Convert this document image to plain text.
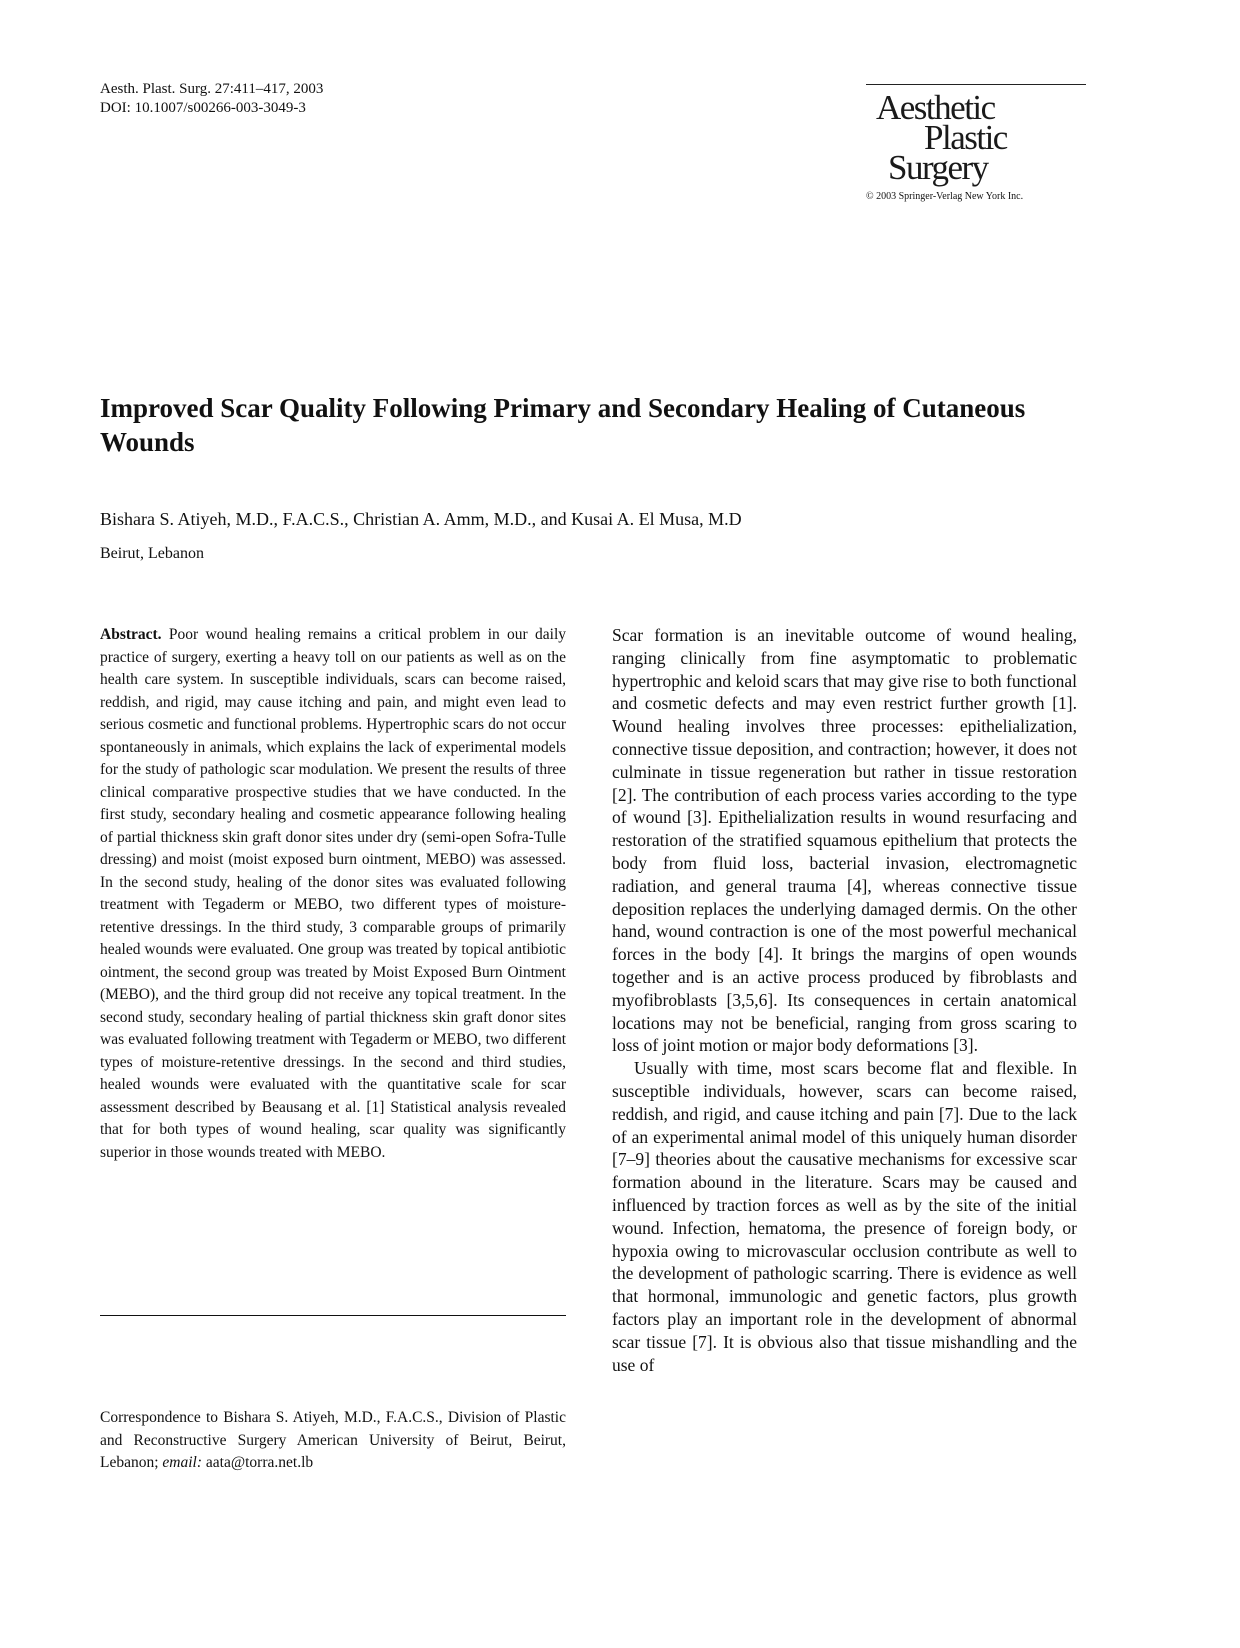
Aesth. Plast. Surg. 27:411–417, 2003
DOI: 10.1007/s00266-003-3049-3	Aesthetic
Plastic
Surgery
© 2003 Springer-Verlag New York Inc.
Improved Scar Quality Following Primary and Secondary Healing of Cutaneous Wounds

Bishara S. Atiyeh, M.D., F.A.C.S., Christian A. Amm, M.D., and Kusai A. El Musa, M.D

Beirut, Lebanon

Abstract. Poor wound healing remains a critical problem in our daily practice of surgery, exerting a heavy toll on our patients as well as on the health care system. In susceptible individuals, scars can become raised, reddish, and rigid, may cause itching and pain, and might even lead to serious cosmetic and functional problems. Hypertrophic scars do not occur spontaneously in animals, which explains the lack of experimental models for the study of pathologic scar modulation. We present the results of three clinical comparative prospective studies that we have conducted. In the first study, secondary healing and cosmetic appearance following healing of partial thickness skin graft donor sites under dry (semi-open Sofra-Tulle dressing) and moist (moist exposed burn ointment, MEBO) was assessed. In the second study, healing of the donor sites was evaluated following treatment with Tegaderm or MEBO, two different types of moisture-retentive dressings. In the third study, 3 comparable groups of primarily healed wounds were evaluated. One group was treated by topical antibiotic ointment, the second group was treated by Moist Exposed Burn Ointment (MEBO), and the third group did not receive any topical treatment. In the second study, secondary healing of partial thickness skin graft donor sites was evaluated following treatment with Tegaderm or MEBO, two different types of moisture-retentive dressings. In the second and third studies, healed wounds were evaluated with the quantitative scale for scar assessment described by Beausang et al. [1] Statistical analysis revealed that for both types of wound healing, scar quality was significantly superior in those wounds treated with MEBO.

Correspondence to Bishara S. Atiyeh, M.D., F.A.C.S., Division of Plastic and Reconstructive Surgery American University of Beirut, Beirut, Lebanon; email: aata@torra.net.lb

Scar formation is an inevitable outcome of wound healing, ranging clinically from fine asymptomatic to problematic hypertrophic and keloid scars that may give rise to both functional and cosmetic defects and may even restrict further growth [1]. Wound healing involves three processes: epithelialization, connective tissue deposition, and contraction; however, it does not culminate in tissue regeneration but rather in tissue restoration [2]. The contribution of each process varies according to the type of wound [3]. Epithelialization results in wound resurfacing and restoration of the stratified squamous epithelium that protects the body from fluid loss, bacterial invasion, electromagnetic radiation, and general trauma [4], whereas connective tissue deposition replaces the underlying damaged dermis. On the other hand, wound contraction is one of the most powerful mechanical forces in the body [4]. It brings the margins of open wounds together and is an active process produced by fibroblasts and myofibroblasts [3,5,6]. Its consequences in certain anatomical locations may not be beneficial, ranging from gross scaring to loss of joint motion or major body deformations [3].

Usually with time, most scars become flat and flexible. In susceptible individuals, however, scars can become raised, reddish, and rigid, and cause itching and pain [7]. Due to the lack of an experimental animal model of this uniquely human disorder [7–9] theories about the causative mechanisms for excessive scar formation abound in the literature. Scars may be caused and influenced by traction forces as well as by the site of the initial wound. Infection, hematoma, the presence of foreign body, or hypoxia owing to microvascular occlusion contribute as well to the development of pathologic scarring. There is evidence as well that hormonal, immunologic and genetic factors, plus growth factors play an important role in the development of abnormal scar tissue [7]. It is obvious also that tissue mishandling and the use of
